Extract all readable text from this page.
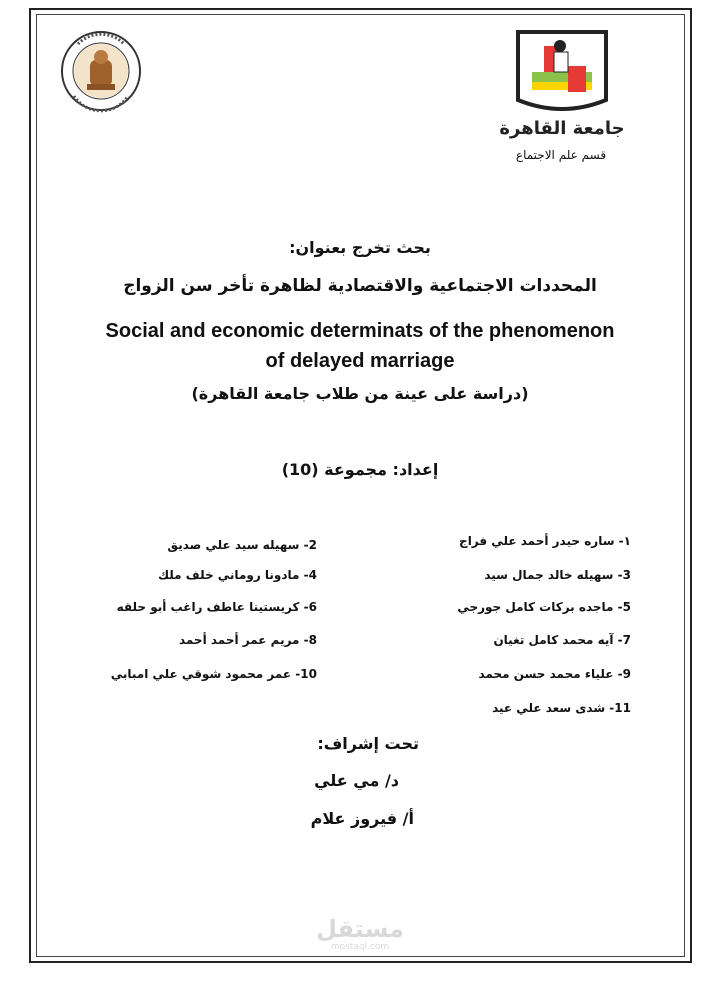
جامعة القاهرة
قسم علم الاجتماع
بحث تخرج بعنوان:
المحددات الاجتماعية والاقتصادية لظاهرة تأخر سن الزواج
Social and economic determinats of the phenomenon
of delayed marriage
(دراسة على عينة من طلاب جامعة القاهرة)
إعداد: مجموعة (10)
١- ساره حيدر أحمد علي فراج
3- سهيله خالد جمال سيد
5- ماجده بركات كامل جورجي
7- آيه محمد كامل تغيان
9- علياء محمد حسن محمد
11- شدى سعد علي عيد
2- سهيله سيد علي صديق
4- مادونا روماني خلف ملك
6- كريستينا عاطف راغب أبو حلقه
8- مريم عمر أحمد أحمد
10- عمر محمود شوقي علي امبابي
تحت إشراف:
د/ مي علي
أ/ فيروز علام
مستقل
mostaql.com
